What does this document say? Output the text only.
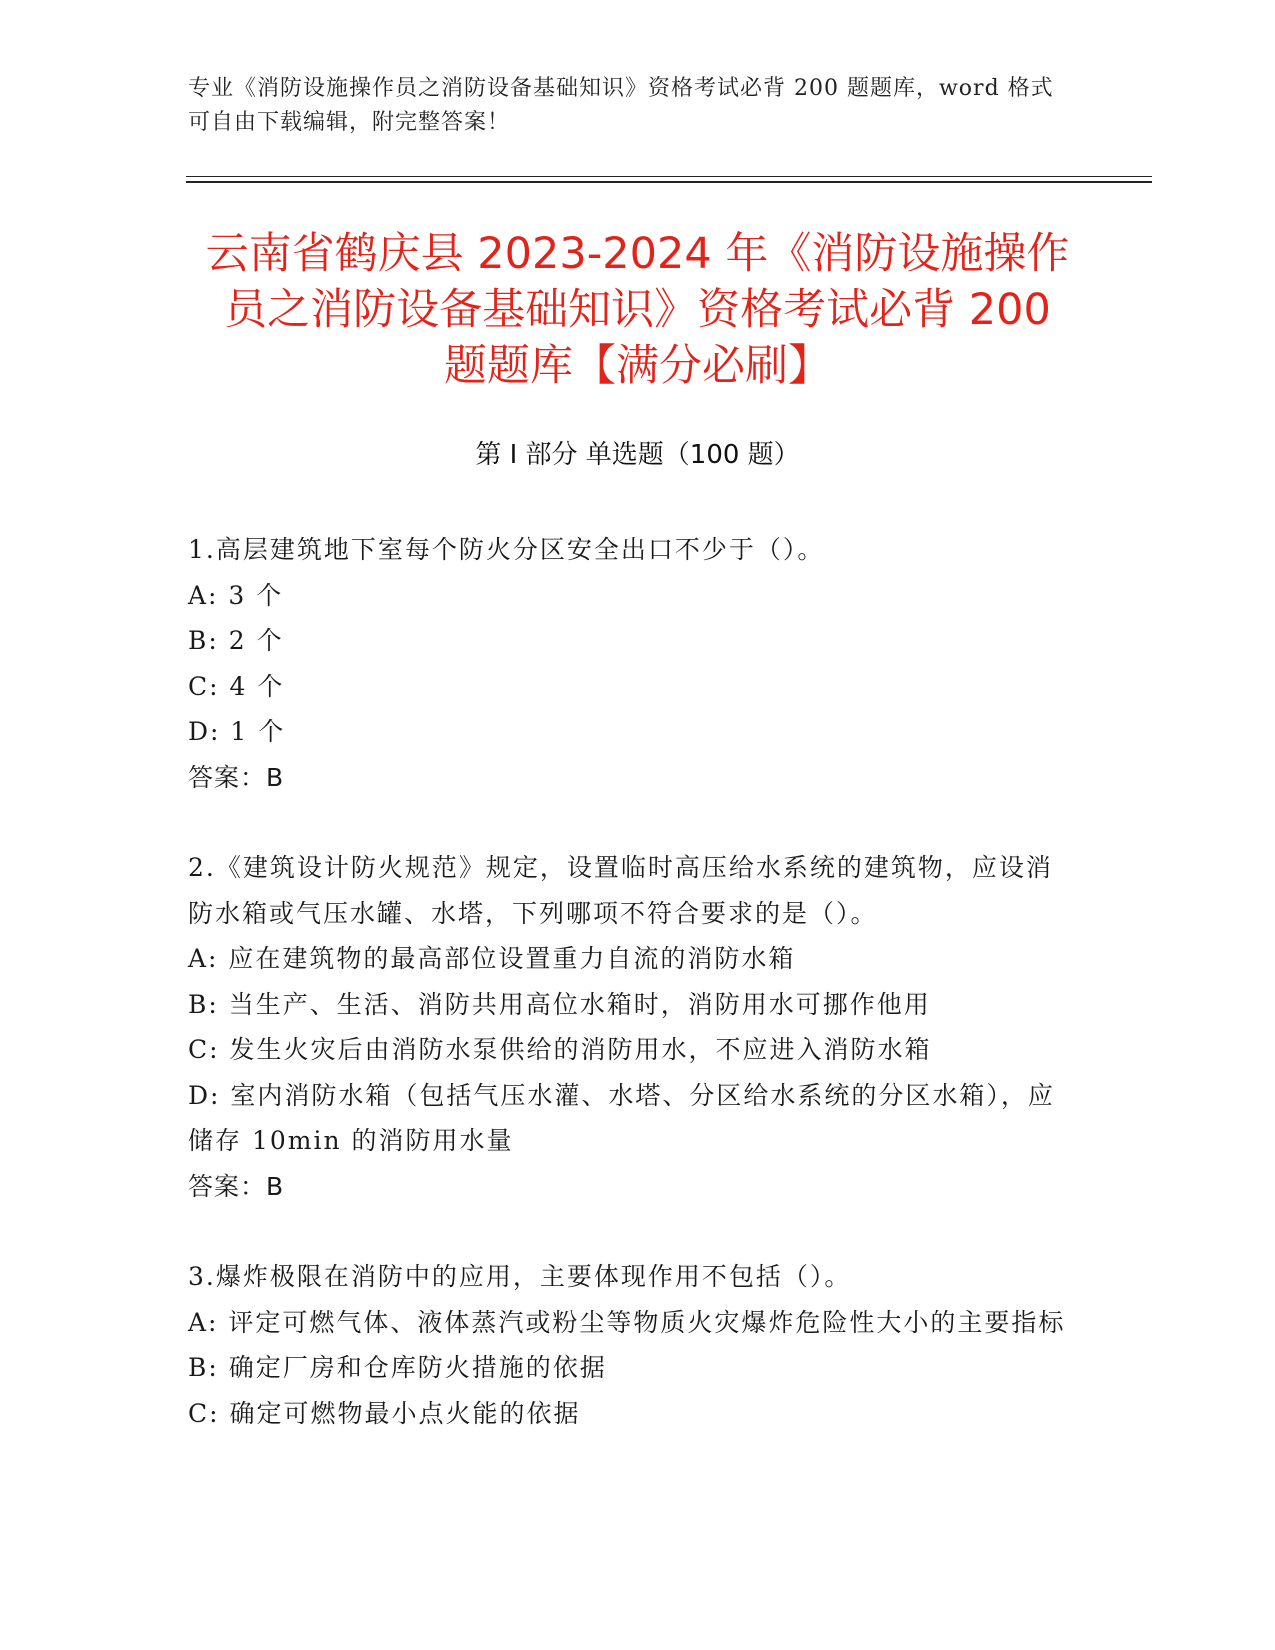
专业《消防设施操作员之消防设备基础知识》资格考试必背 200 题题库，word 格式可自由下载编辑，附完整答案！
云南省鹤庆县 2023-2024 年《消防设施操作
员之消防设备基础知识》资格考试必背 200
题题库【满分必刷】
第 I 部分 单选题（100 题）
1.高层建筑地下室每个防火分区安全出口不少于（）。
A: 3 个
B: 2 个
C: 4 个
D: 1 个
答案：B
2.《建筑设计防火规范》规定，设置临时高压给水系统的建筑物，应设消防水箱或气压水罐、水塔，下列哪项不符合要求的是（）。
A: 应在建筑物的最高部位设置重力自流的消防水箱
B: 当生产、生活、消防共用高位水箱时，消防用水可挪作他用
C: 发生火灾后由消防水泵供给的消防用水，不应进入消防水箱
D: 室内消防水箱（包括气压水灌、水塔、分区给水系统的分区水箱），应储存 10min 的消防用水量
答案：B
3.爆炸极限在消防中的应用，主要体现作用不包括（）。
A: 评定可燃气体、液体蒸汽或粉尘等物质火灾爆炸危险性大小的主要指标
B: 确定厂房和仓库防火措施的依据
C: 确定可燃物最小点火能的依据
